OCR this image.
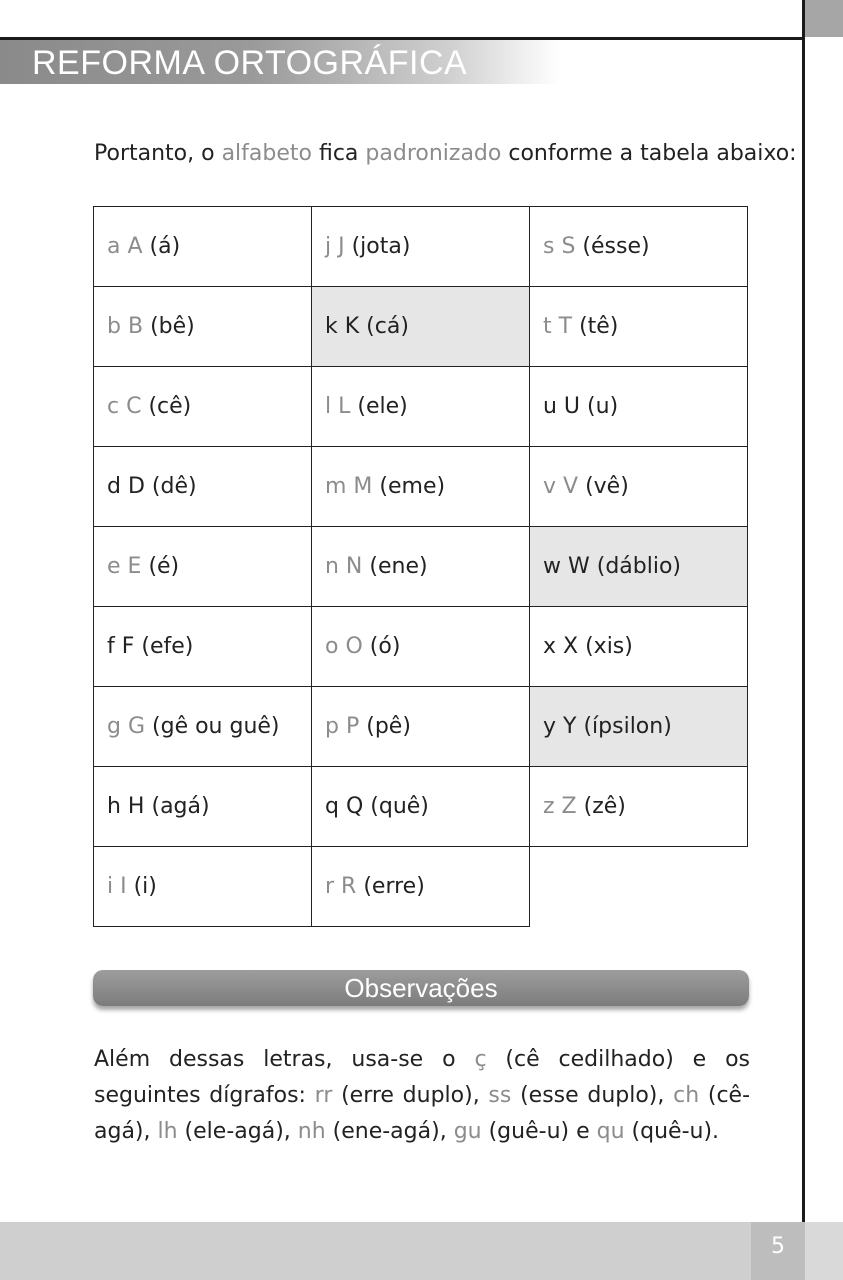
REFORMA ORTOGRÁFICA
Portanto, o alfabeto fica padronizado conforme a tabela abaixo:
a A (á)	j J (jota)	s S (ésse)
b B (bê)	k K (cá)	t T (tê)
c C (cê)	l L (ele)	u U (u)
d D (dê)	m M (eme)	v V (vê)
e E (é)	n N (ene)	w W (dáblio)
f F (efe)	o O (ó)	x X (xis)
g G (gê ou guê)	p P (pê)	y Y (ípsilon)
h H (agá)	q Q (quê)	z Z (zê)
i I (i)	r R (erre)	
Observações
Além dessas letras, usa-se o ç (cê cedilhado) e os seguintes dígrafos: rr (erre duplo), ss (esse duplo), ch (cê-agá), lh (ele-agá), nh (ene-agá), gu (guê-u) e qu (quê-u).
5
